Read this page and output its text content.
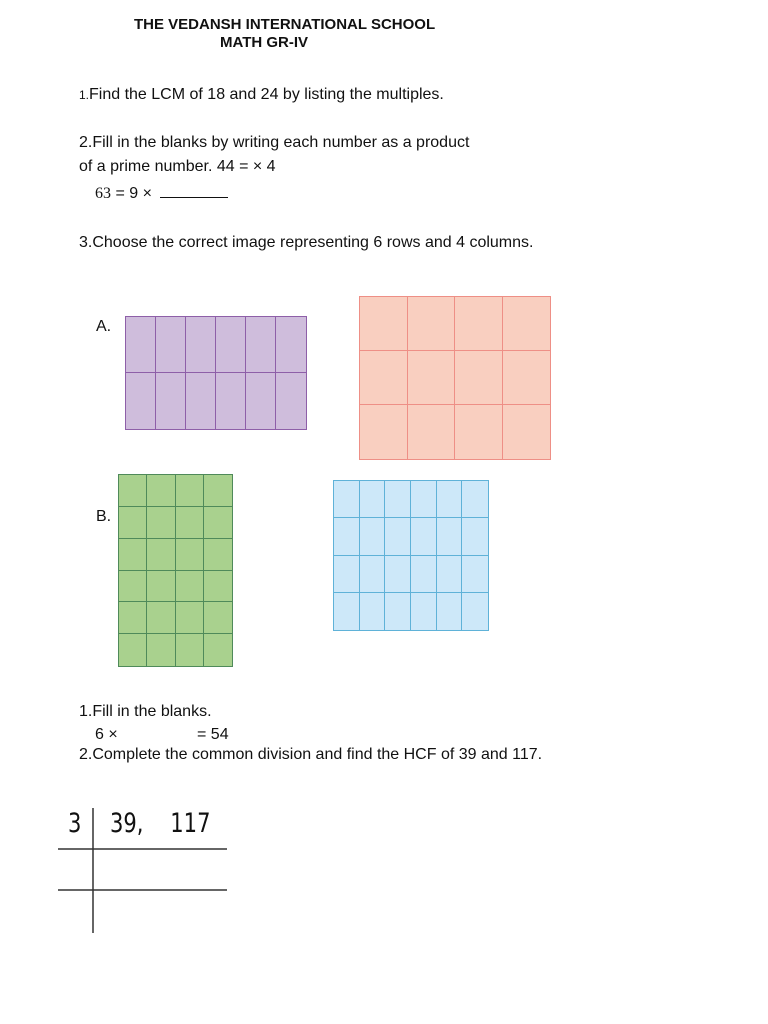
THE VEDANSH INTERNATIONAL SCHOOL
MATH GR-IV
1.Find the LCM of 18 and 24 by listing the multiples.
2.Fill in the blanks by writing each number as a product
of a prime number. 44 = × 4
63 = 9 ×
3.Choose the correct image representing 6 rows and 4 columns.
A.
B.
1.Fill in the blanks.
6 ×	= 54
2.Complete the common division and find the HCF of 39 and 117.
3 39,    117
